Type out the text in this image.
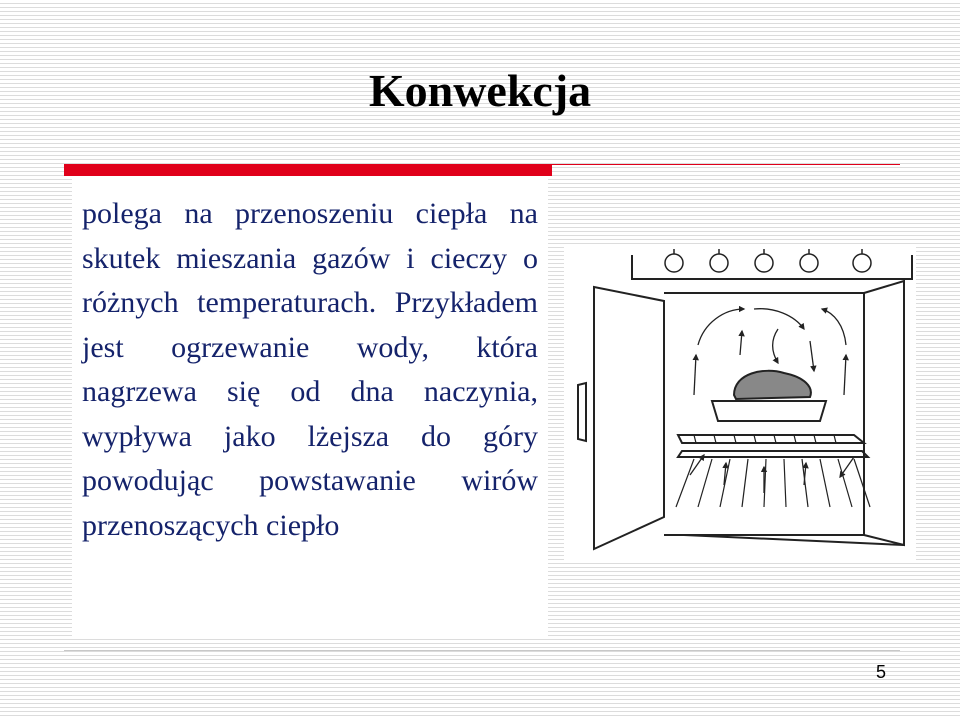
Konwekcja

polega na przenoszeniu ciepła na skutek mieszania gazów i cieczy o różnych temperaturach. Przykładem jest ogrzewanie wody, która nagrzewa się od dna naczynia, wypływa jako lżejsza do góry powodując powstawanie wirów przenoszących ciepło

5
